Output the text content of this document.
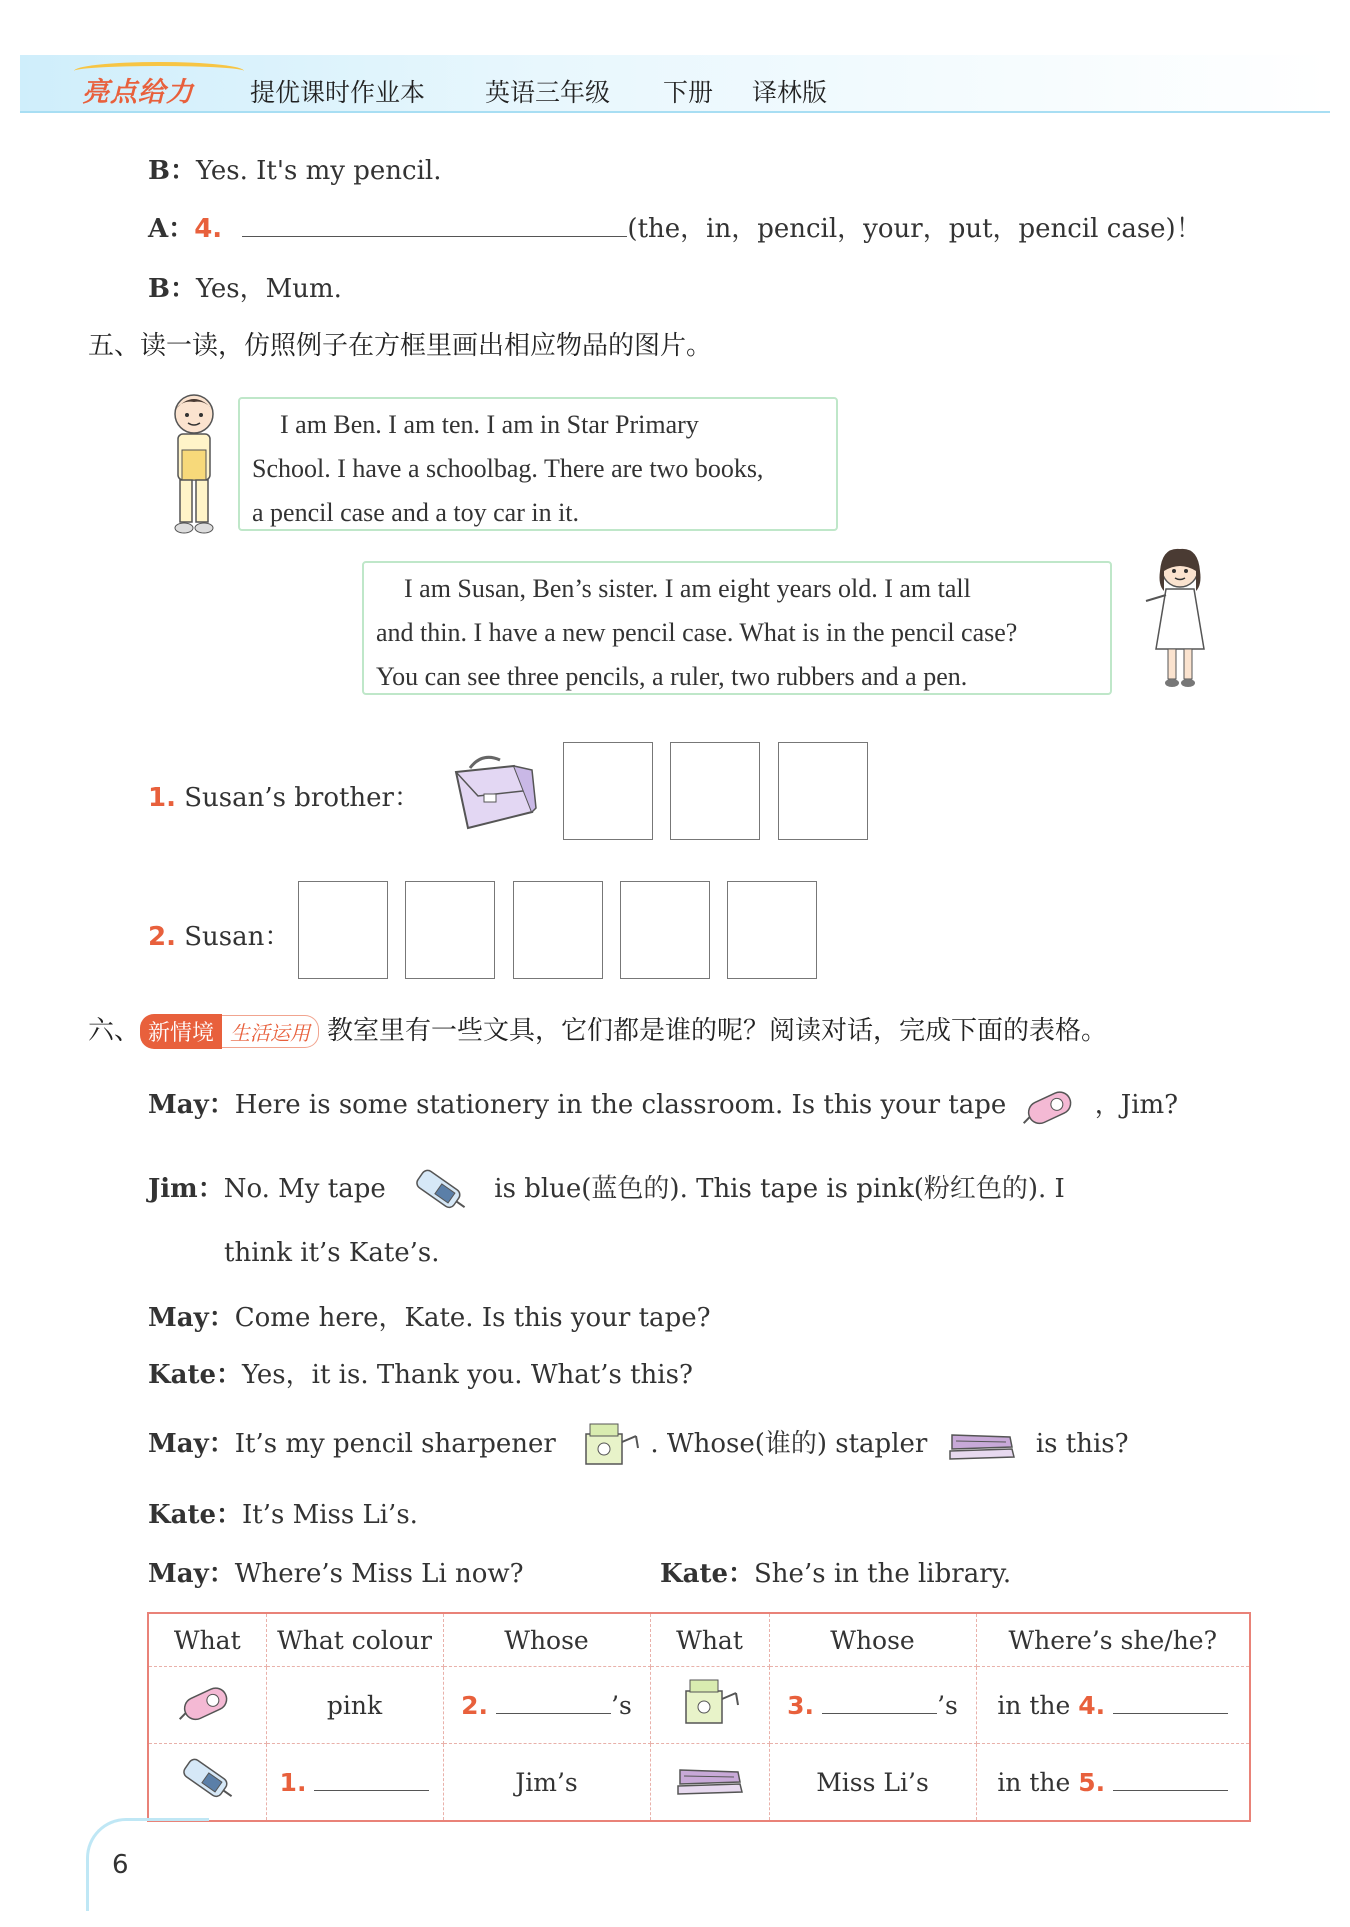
亮点给力 提优课时作业本 英语三年级 下册 译林版
B：Yes. It's my pencil.
A：4.	(the，in，pencil，your，put，pencil case)！
B：Yes，Mum.
五、读一读，仿照例子在方框里画出相应物品的图片。

I am Ben. I am ten. I am in Star Primary

School. I have a schoolbag. There are two books,

a pencil case and a toy car in it.

I am Susan, Ben’s sister. I am eight years old. I am tall

and thin. I have a new pencil case. What is in the pencil case?

You can see three pencils, a ruler, two rubbers and a pen.

1. Susan’s brother：
2. Susan：
六、 新情境 生活运用 教室里有一些文具，它们都是谁的呢？阅读对话，完成下面的表格。
May：Here is some stationery in the classroom. Is this your tape	，Jim?
Jim：No. My tape	is blue(蓝色的). This tape is pink(粉红色的). I
think it’s Kate’s.
May：Come here，Kate. Is this your tape?
Kate：Yes，it is. Thank you. What’s this?
May：It’s my pencil sharpener	. Whose(谁的) stapler	is this?
Kate：It’s Miss Li’s.
May：Where’s Miss Li now?	Kate：She’s in the library.
What	What colour	Whose	What	Whose	Where’s she/he?
	pink	2. ’s		3. ’s	in the 4.
	1.	Jim’s		Miss Li’s	in the 5.
6
